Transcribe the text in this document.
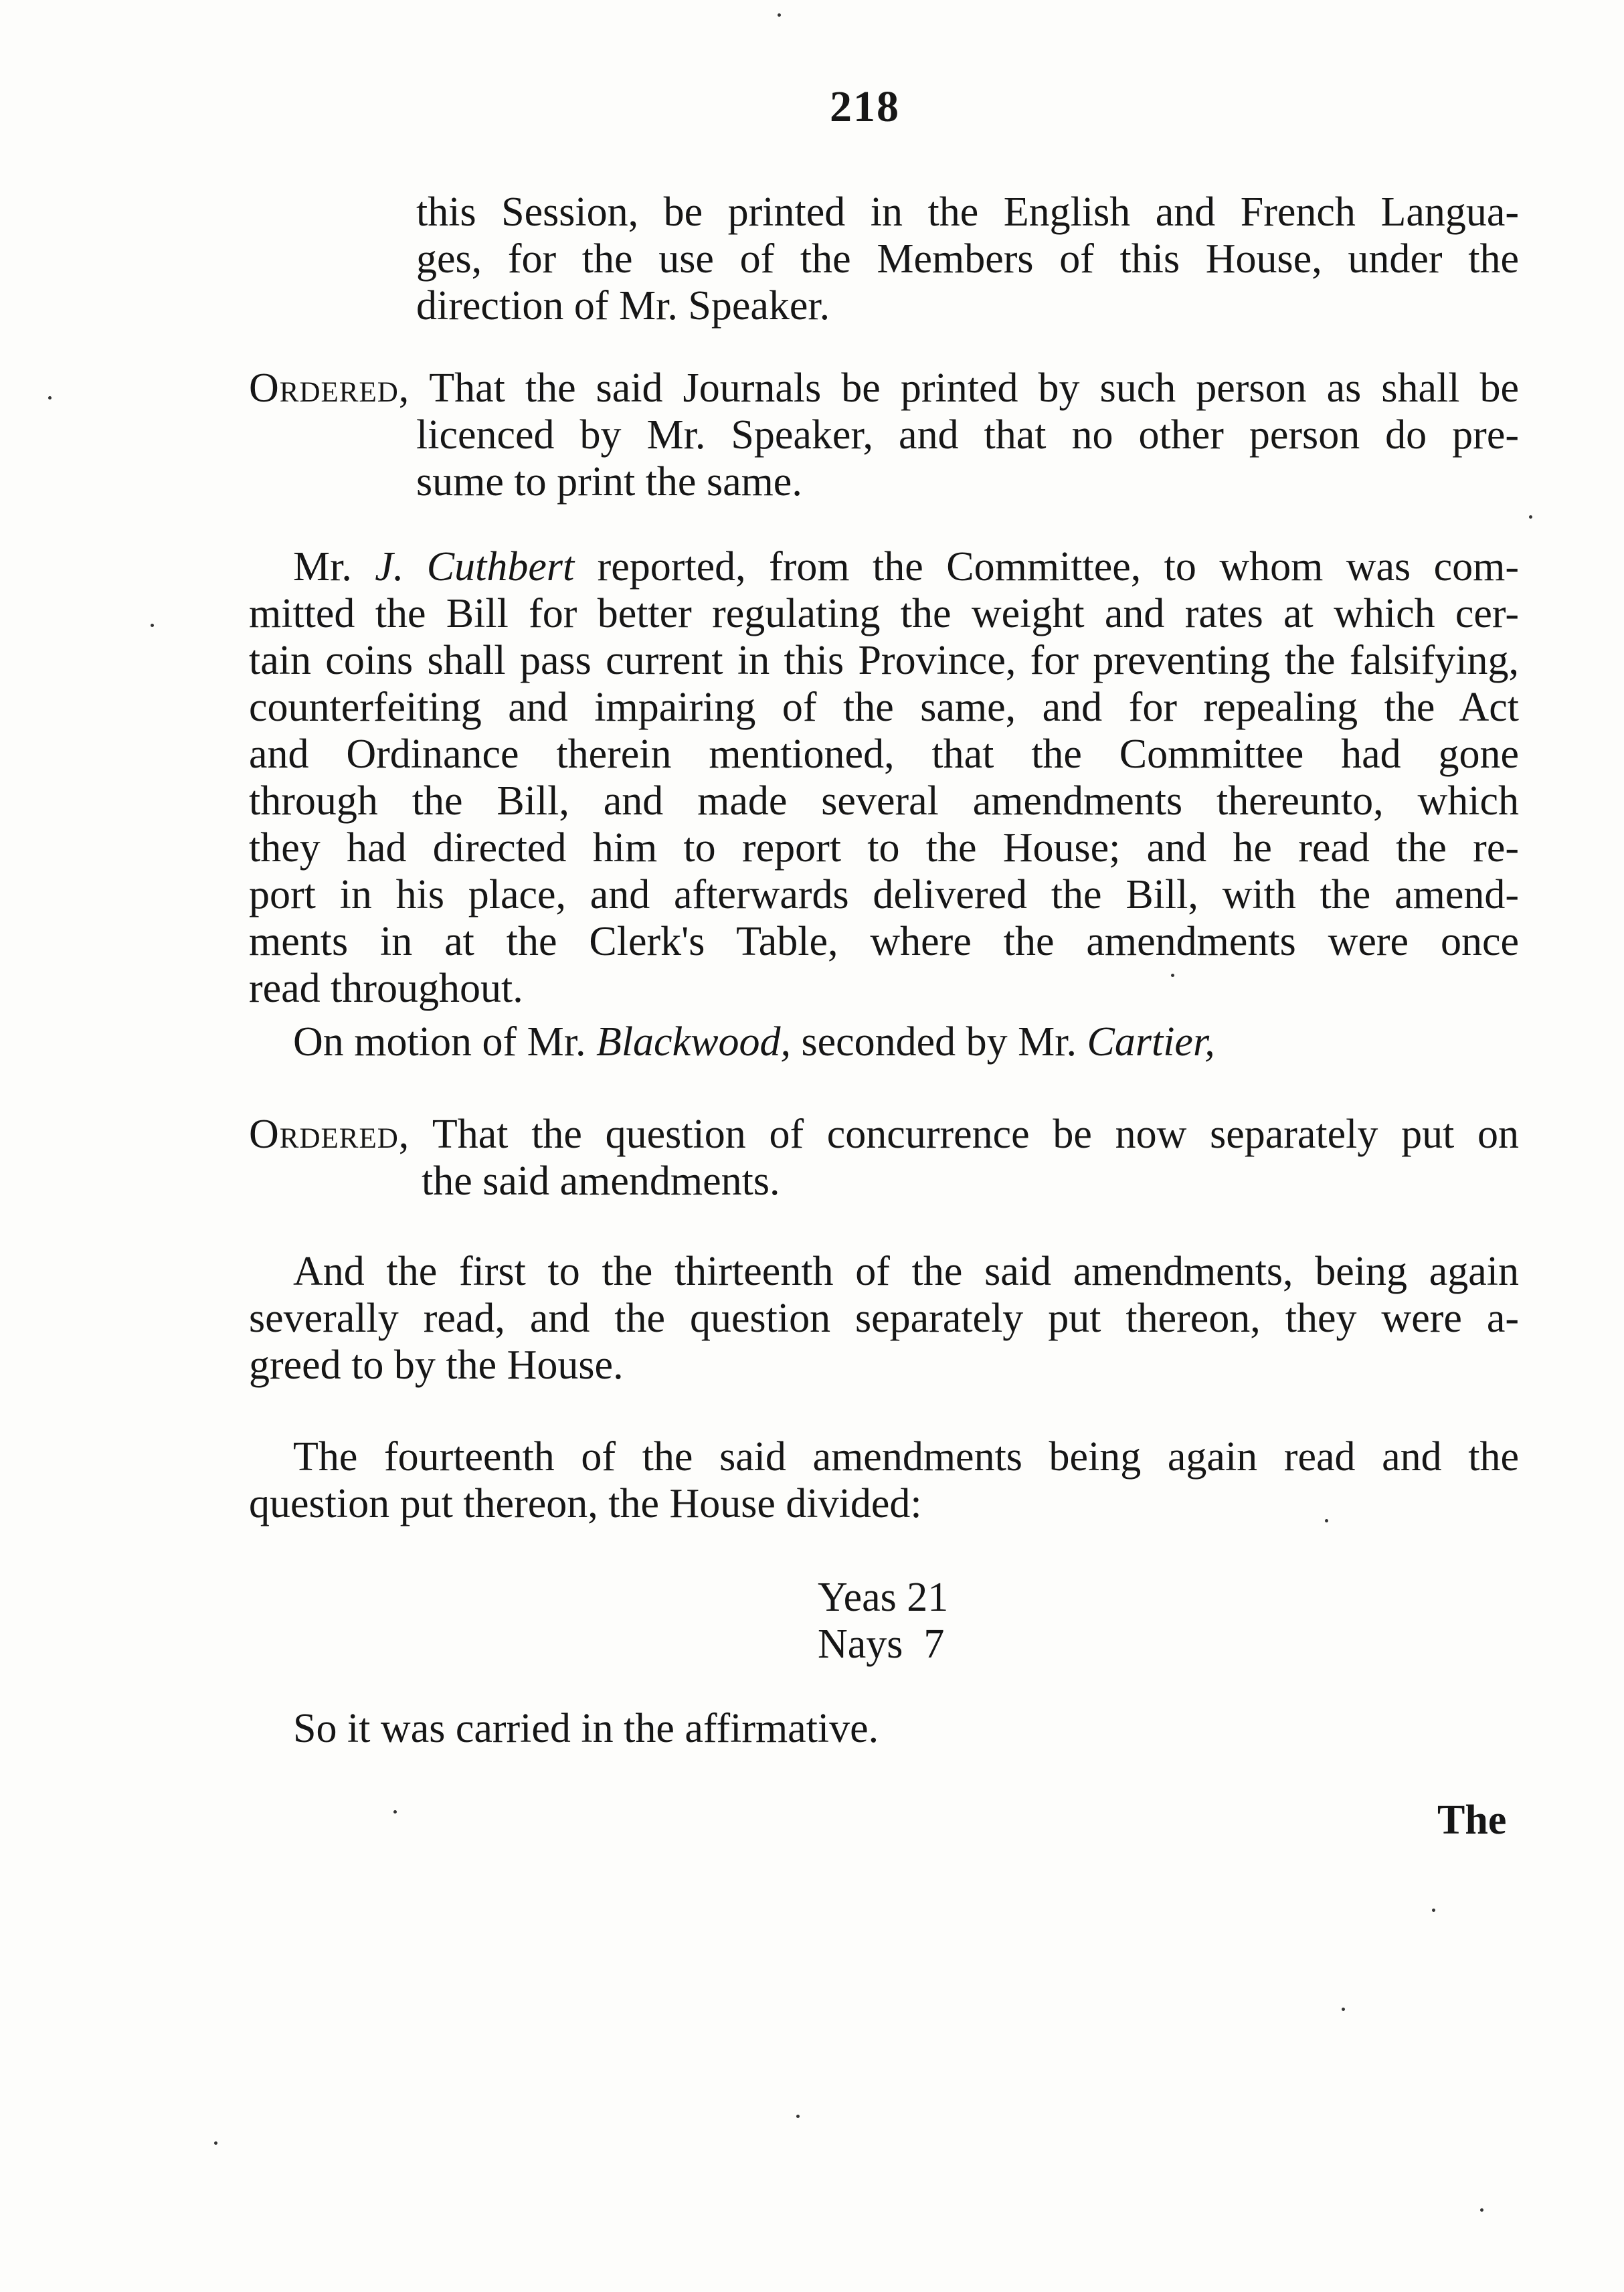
218
this Session, be printed in the English and French Langua-
ges, for the use of the Members of this House, under the
direction of Mr. Speaker.
Ordered, That the said Journals be printed by such person as shall be
licenced by Mr. Speaker, and that no other person do pre-
sume to print the same.
Mr. J. Cuthbert reported, from the Committee, to whom was com-
mitted the Bill for better regulating the weight and rates at which cer-
tain coins shall pass current in this Province, for preventing the falsifying,
counterfeiting and impairing of the same, and for repealing the Act
and Ordinance therein mentioned, that the Committee had gone
through the Bill, and made several amendments thereunto, which
they had directed him to report to the House; and he read the re-
port in his place, and afterwards delivered the Bill, with the amend-
ments in at the Clerk's Table, where the amendments were once
read throughout.
On motion of Mr. Blackwood, seconded by Mr. Cartier,
Ordered, That the question of concurrence be now separately put on
the said amendments.
And the first to the thirteenth of the said amendments, being again
severally read, and the question separately put thereon, they were a-
greed to by the House.
The fourteenth of the said amendments being again read and the
question put thereon, the House divided:
Yeas 21
Nays 7
So it was carried in the affirmative.
The
